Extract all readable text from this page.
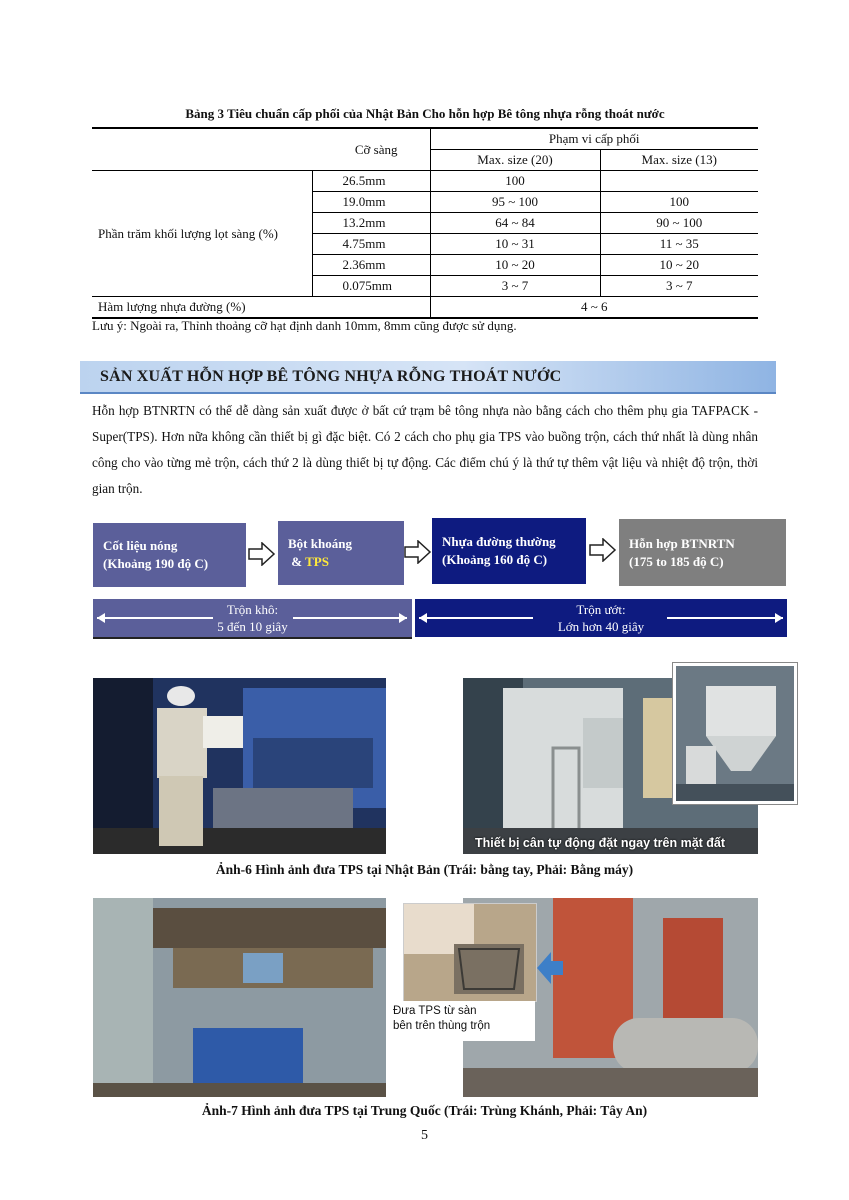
Bảng 3 Tiêu chuẩn cấp phối của Nhật Bản Cho hỗn hợp Bê tông nhựa rỗng thoát nước
Cỡ sàng		Phạm vi cấp phối	
		Max. size (20)	Max. size (13)

Phần trăm khối lượng lọt sàng (%)	26.5mm	100	
	19.0mm	95 ~ 100	100
	13.2mm	64 ~ 84	90 ~ 100
	4.75mm	10 ~ 31	11 ~ 35
	2.36mm	10 ~ 20	10 ~ 20
	0.075mm	3 ~ 7	3 ~ 7
Hàm lượng nhựa đường (%)		4 ~ 6	
Lưu ý: Ngoài ra, Thỉnh thoảng cỡ hạt định danh 10mm, 8mm cũng được sử dụng.
SẢN XUẤT HỖN HỢP BÊ TÔNG NHỰA RỖNG THOÁT NƯỚC
Hỗn hợp BTNRTN có thể dễ dàng sản xuất được ở bất cứ trạm bê tông nhựa nào bằng cách cho thêm phụ gia TAFPACK -Super(TPS). Hơn nữa không cần thiết bị gì đặc biệt. Có 2 cách cho phụ gia TPS vào buồng trộn, cách thứ nhất là dùng nhân công cho vào từng mẻ trộn, cách thứ 2 là dùng thiết bị tự động. Các điểm chú ý là thứ tự thêm vật liệu và nhiệt độ trộn, thời gian trộn.
Cốt liệu nóng
(Khoảng 190 độ C)
Bột khoáng
& TPS
Nhựa đường thường
(Khoảng 160 độ C)
Hỗn hợp BTNRTN
(175 to 185 độ C)
Trộn khô:
5 đến 10 giây
Trộn ướt:
Lớn hơn 40 giây
Thiết bị cân tự động đặt ngay trên mặt đất
Ảnh-6 Hình ảnh đưa TPS tại Nhật Bản (Trái: bằng tay, Phải: Bằng máy)
Đưa TPS từ sàn
bên trên thùng trộn
Ảnh-7 Hình ảnh đưa TPS tại Trung Quốc (Trái: Trùng Khánh, Phải: Tây An)
5
